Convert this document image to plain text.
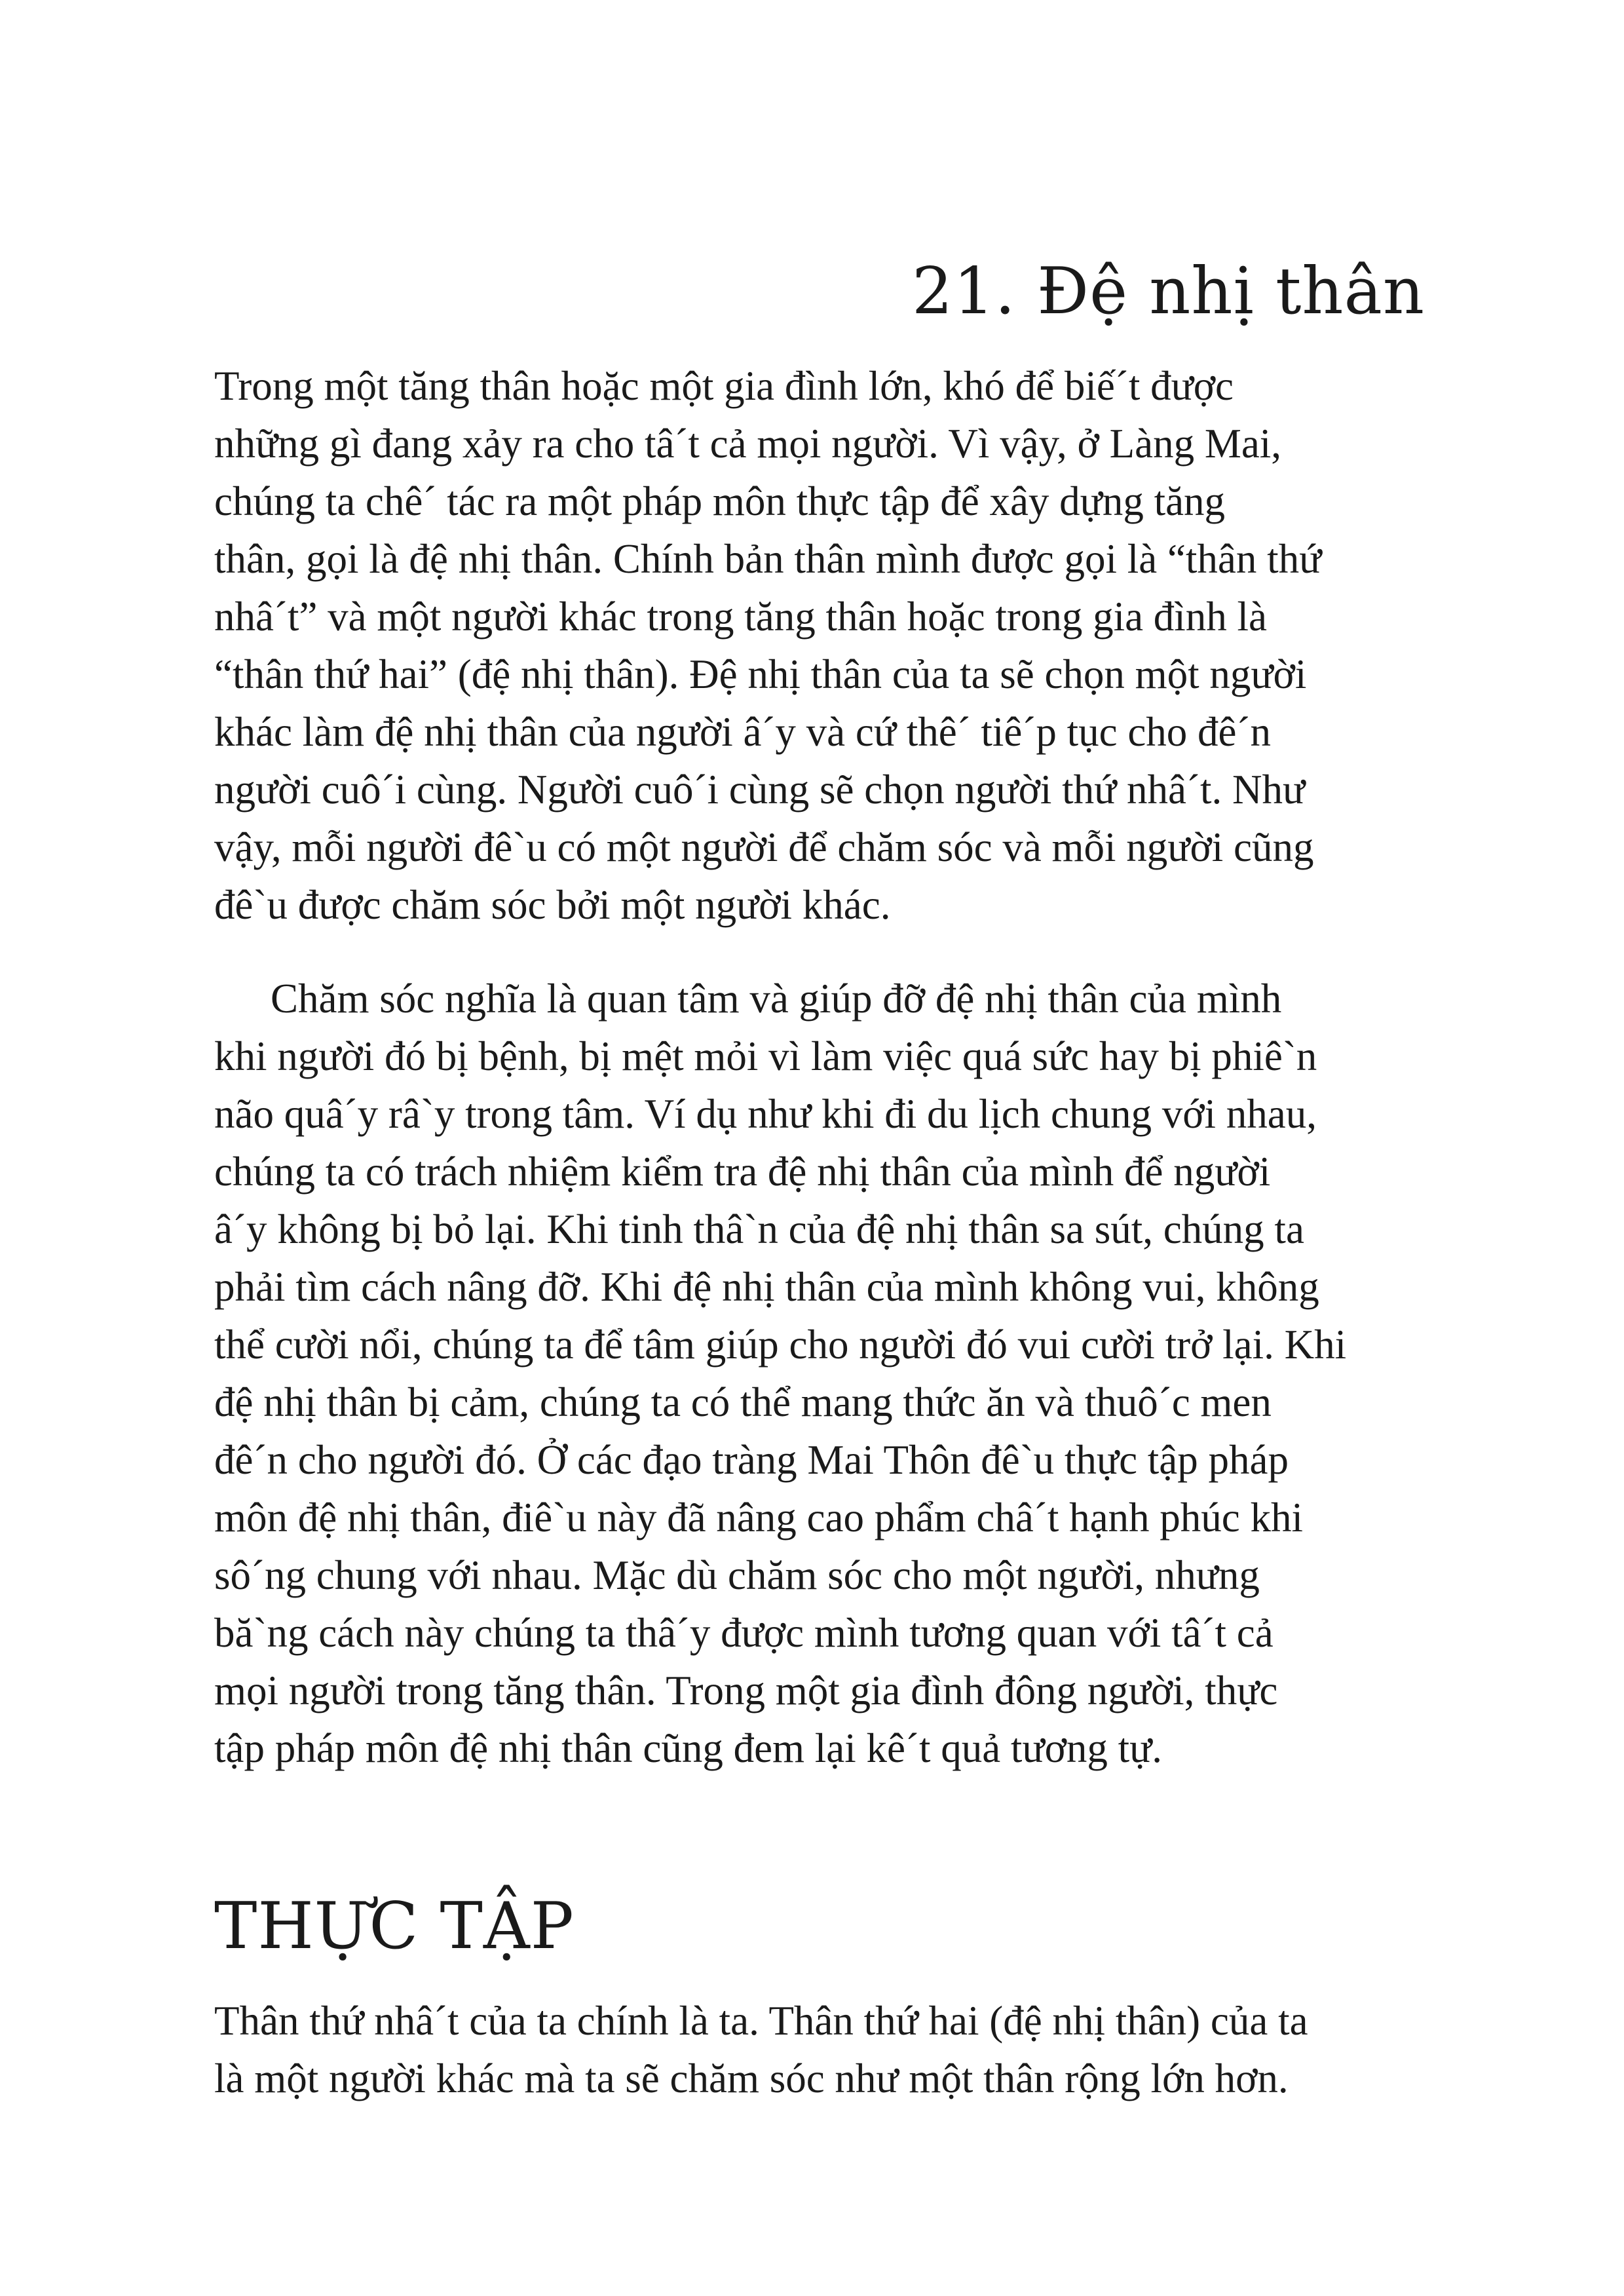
21. Đệ nhị thân
Trong một tăng thân hoặc một gia đình lớn, khó để biế´t được
những gì đang xảy ra cho tâ´t cả mọi người. Vì vậy, ở Làng Mai,
chúng ta chê´ tác ra một pháp môn thực tập để xây dựng tăng
thân, gọi là đệ nhị thân. Chính bản thân mình được gọi là “thân thứ
nhâ´t” và một người khác trong tăng thân hoặc trong gia đình là
“thân thứ hai” (đệ nhị thân). Đệ nhị thân của ta sẽ chọn một người
khác làm đệ nhị thân của người â´y và cứ thê´ tiê´p tục cho đê´n
người cuô´i cùng. Người cuô´i cùng sẽ chọn người thứ nhâ´t. Như
vậy, mỗi người đê`u có một người để chăm sóc và mỗi người cũng
đê`u được chăm sóc bởi một người khác.
Chăm sóc nghĩa là quan tâm và giúp đỡ đệ nhị thân của mình
khi người đó bị bệnh, bị mệt mỏi vì làm việc quá sức hay bị phiê`n
não quâ´y râ`y trong tâm. Ví dụ như khi đi du lịch chung với nhau,
chúng ta có trách nhiệm kiểm tra đệ nhị thân của mình để người
â´y không bị bỏ lại. Khi tinh thâ`n của đệ nhị thân sa sút, chúng ta
phải tìm cách nâng đỡ. Khi đệ nhị thân của mình không vui, không
thể cười nổi, chúng ta để tâm giúp cho người đó vui cười trở lại. Khi
đệ nhị thân bị cảm, chúng ta có thể mang thức ăn và thuô´c men
đê´n cho người đó. Ở các đạo tràng Mai Thôn đê`u thực tập pháp
môn đệ nhị thân, điê`u này đã nâng cao phẩm châ´t hạnh phúc khi
sô´ng chung với nhau. Mặc dù chăm sóc cho một người, nhưng
bă`ng cách này chúng ta thâ´y được mình tương quan với tâ´t cả
mọi người trong tăng thân. Trong một gia đình đông người, thực
tập pháp môn đệ nhị thân cũng đem lại kê´t quả tương tự.
THỰC TẬP
Thân thứ nhâ´t của ta chính là ta. Thân thứ hai (đệ nhị thân) của ta
là một người khác mà ta sẽ chăm sóc như một thân rộng lớn hơn.
